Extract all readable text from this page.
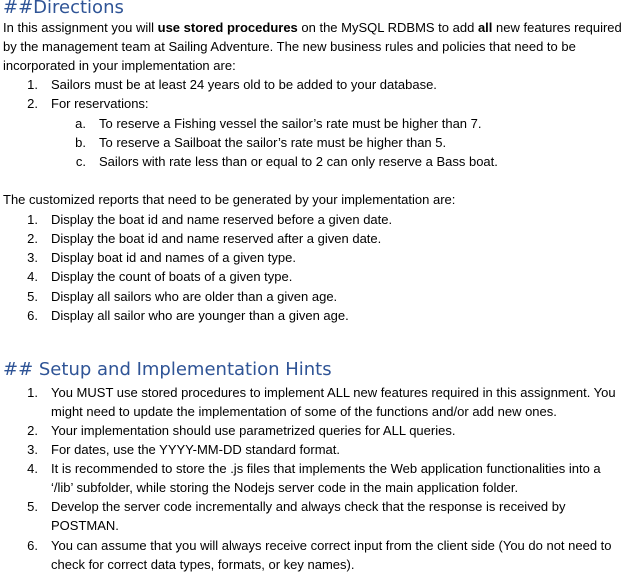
##Directions

In this assignment you will use stored procedures on the MySQL RDBMS to add all new features required by the management team at Sailing Adventure. The new business rules and policies that need to be incorporated in your implementation are:

1. Sailors must be at least 24 years old to be added to your database.
2. For reservations:
a. To reserve a Fishing vessel the sailor’s rate must be higher than 7.
b. To reserve a Sailboat the sailor’s rate must be higher than 5.
c. Sailors with rate less than or equal to 2 can only reserve a Bass boat.
The customized reports that need to be generated by your implementation are:
1. Display the boat id and name reserved before a given date.
2. Display the boat id and name reserved after a given date.
3. Display boat id and names of a given type.
4. Display the count of boats of a given type.
5. Display all sailors who are older than a given age.
6. Display all sailor who are younger than a given age.
## Setup and Implementation Hints
1. You MUST use stored procedures to implement ALL new features required in this assignment. You might need to update the implementation of some of the functions and/or add new ones.
2. Your implementation should use parametrized queries for ALL queries.
3. For dates, use the YYYY-MM-DD standard format.
4. It is recommended to store the .js files that implements the Web application functionalities into a ‘/lib’ subfolder, while storing the Nodejs server code in the main application folder.
5. Develop the server code incrementally and always check that the response is received by POSTMAN.
6. You can assume that you will always receive correct input from the client side (You do not need to check for correct data types, formats, or key names).
